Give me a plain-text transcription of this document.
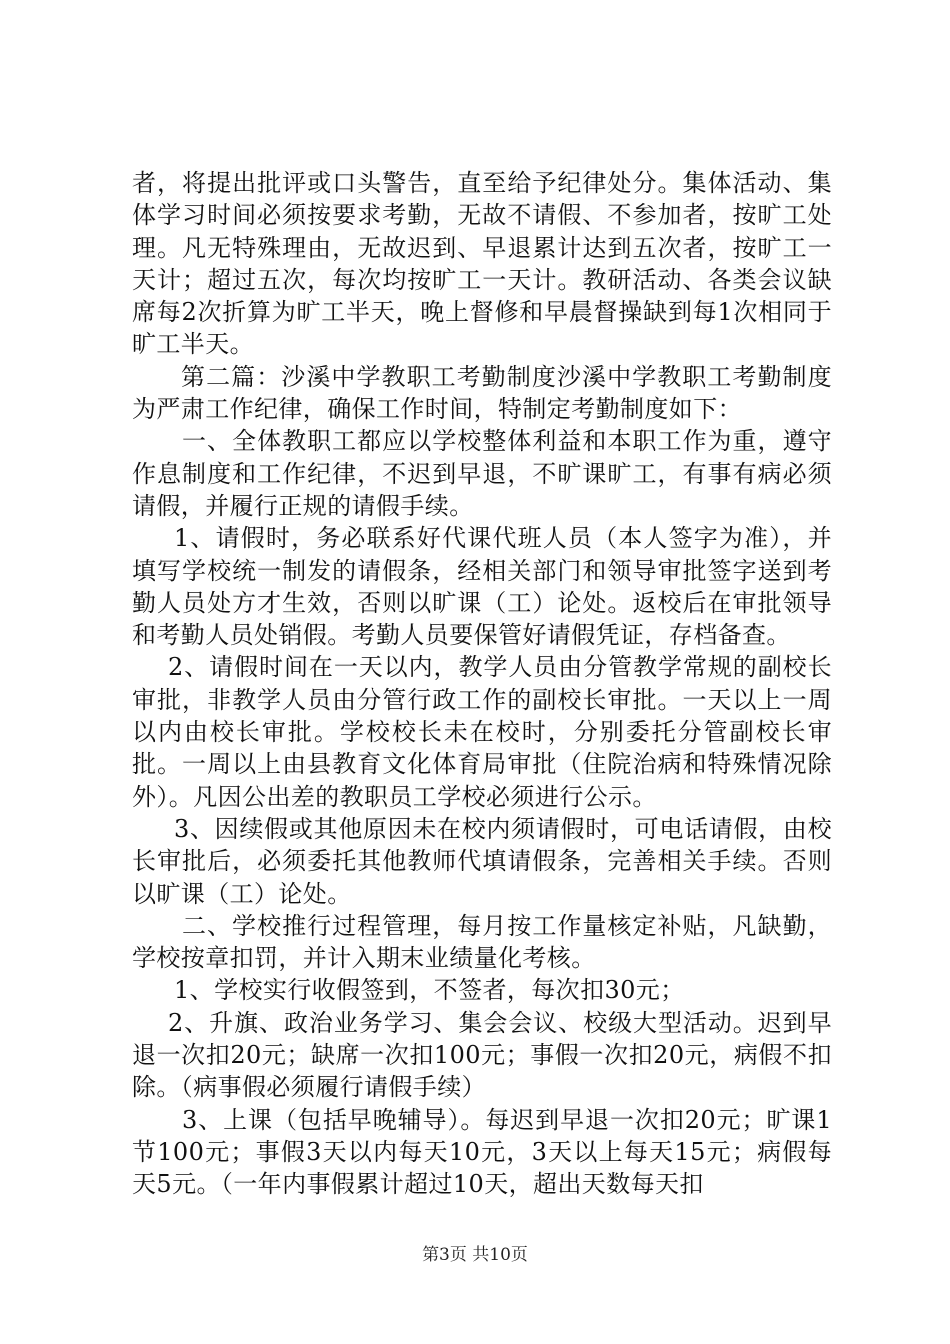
者，将提出批评或口头警告，直至给予纪律处分。集体活动、集体学习时间必须按要求考勤，无故不请假、不参加者，按旷工处理。凡无特殊理由，无故迟到、早退累计达到五次者，按旷工一天计；超过五次，每次均按旷工一天计。教研活动、各类会议缺席每2次折算为旷工半天，晚上督修和早晨督操缺到每1次相同于旷工半天。

第二篇：沙溪中学教职工考勤制度沙溪中学教职工考勤制度为严肃工作纪律，确保工作时间，特制定考勤制度如下：

一、全体教职工都应以学校整体利益和本职工作为重，遵守作息制度和工作纪律，不迟到早退，不旷课旷工，有事有病必须请假，并履行正规的请假手续。

1、请假时，务必联系好代课代班人员（本人签字为准），并填写学校统一制发的请假条，经相关部门和领导审批签字送到考勤人员处方才生效，否则以旷课（工）论处。返校后在审批领导和考勤人员处销假。考勤人员要保管好请假凭证，存档备查。

2、请假时间在一天以内，教学人员由分管教学常规的副校长审批，非教学人员由分管行政工作的副校长审批。一天以上一周以内由校长审批。学校校长未在校时，分别委托分管副校长审批。一周以上由县教育文化体育局审批（住院治病和特殊情况除外）。凡因公出差的教职员工学校必须进行公示。

3、因续假或其他原因未在校内须请假时，可电话请假，由校长审批后，必须委托其他教师代填请假条，完善相关手续。否则以旷课（工）论处。

二、学校推行过程管理，每月按工作量核定补贴，凡缺勤，学校按章扣罚，并计入期末业绩量化考核。

1、学校实行收假签到，不签者，每次扣30元；

2、升旗、政治业务学习、集会会议、校级大型活动。迟到早退一次扣20元；缺席一次扣100元；事假一次扣20元，病假不扣除。（病事假必须履行请假手续）

3、上课（包括早晚辅导）。每迟到早退一次扣20元；旷课1节100元；事假3天以内每天10元，3天以上每天15元；病假每天5元。（一年内事假累计超过10天，超出天数每天扣

第3页 共10页
